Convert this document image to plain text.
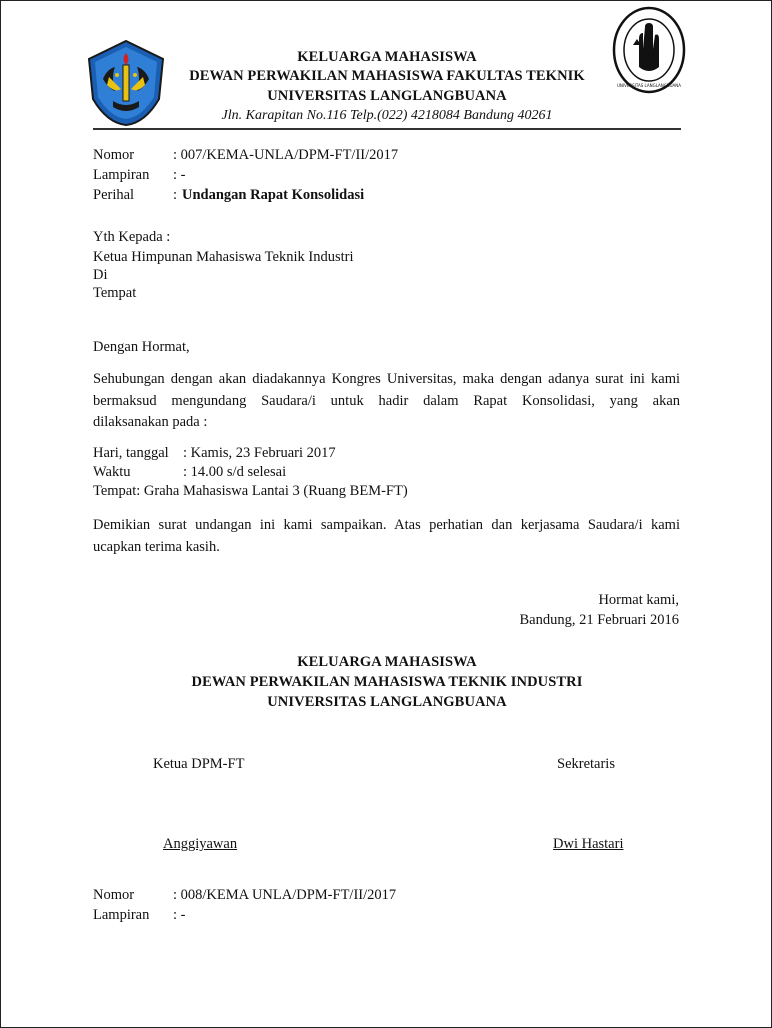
UNIVERSITAS LANGLANGBUANA
KELUARGA MAHASISWA
DEWAN PERWAKILAN MAHASISWA FAKULTAS TEKNIK
UNIVERSITAS LANGLANGBUANA
Jln. Karapitan No.116 Telp.(022) 4218084 Bandung 40261
Nomor	: 007/KEMA-UNLA/DPM-FT/II/2017
Lampiran : -
Perihal	: Undangan Rapat Konsolidasi
Yth Kepada :
Ketua Himpunan Mahasiswa Teknik Industri
Di
Tempat
Dengan Hormat,
Sehubungan dengan akan diadakannya Kongres Universitas, maka dengan adanya surat ini kami
bermaksud mengundang Saudara/i untuk hadir dalam Rapat Konsolidasi, yang akan
dilaksanakan pada :
Hari, tanggal : Kamis, 23 Februari 2017
Waktu	: 14.00 s/d selesai
Tempat: Graha Mahasiswa Lantai 3 (Ruang BEM-FT)
Demikian surat undangan ini kami sampaikan. Atas perhatian dan kerjasama Saudara/i kami
ucapkan terima kasih.
Hormat kami,
Bandung, 21 Februari 2016
KELUARGA MAHASISWA
DEWAN PERWAKILAN MAHASISWA TEKNIK INDUSTRI
UNIVERSITAS LANGLANGBUANA
Ketua DPM-FT	Sekretaris
Anggiyawan	Dwi Hastari
Nomor	: 008/KEMA UNLA/DPM-FT/II/2017
Lampiran : -
